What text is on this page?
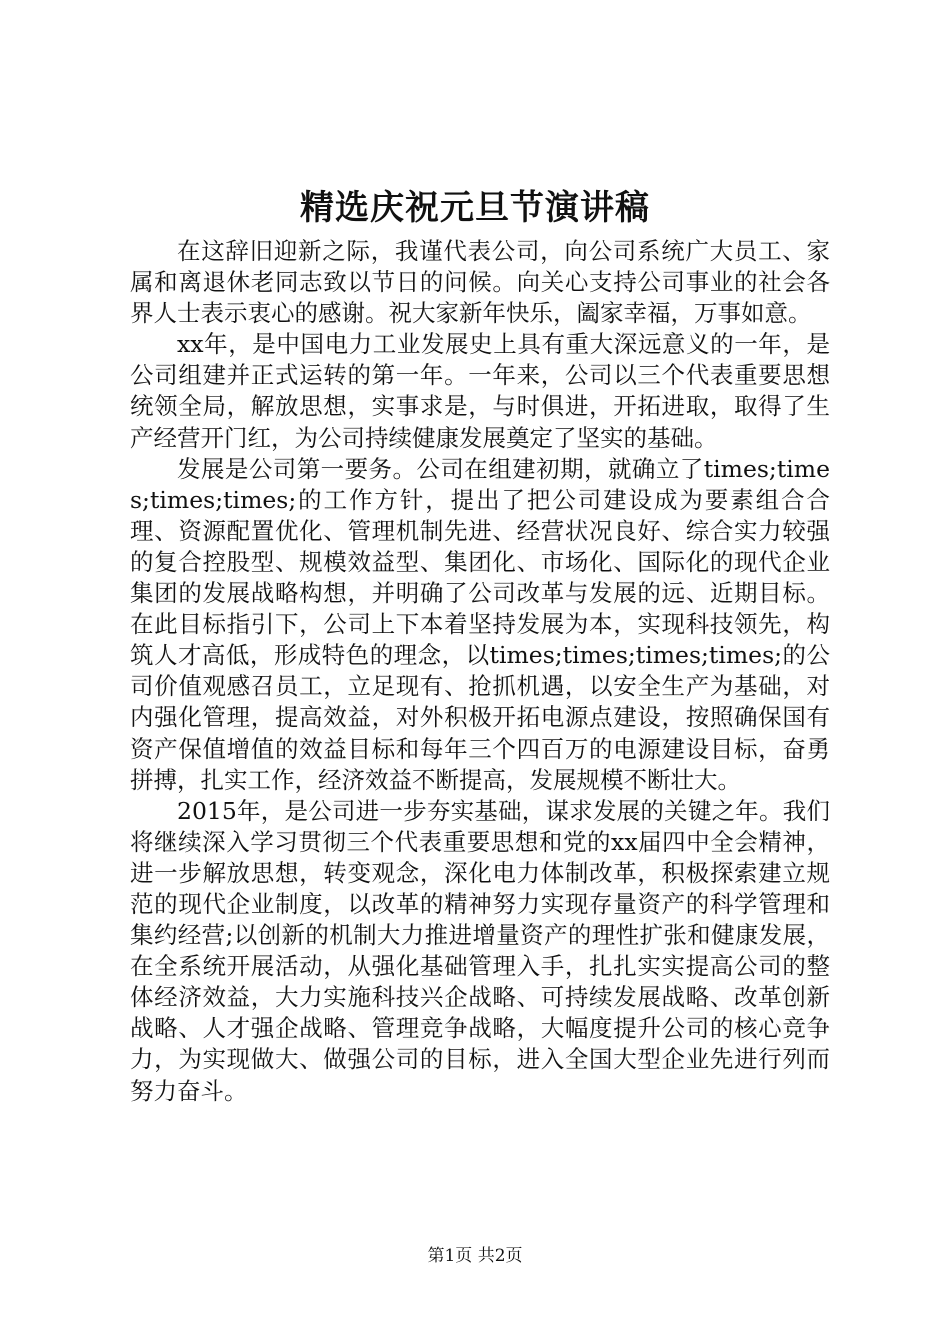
精选庆祝元旦节演讲稿

在这辞旧迎新之际，我谨代表公司，向公司系统广大员工、家属和离退休老同志致以节日的问候。向关心支持公司事业的社会各界人士表示衷心的感谢。祝大家新年快乐，阖家幸福，万事如意。

xx年，是中国电力工业发展史上具有重大深远意义的一年，是公司组建并正式运转的第一年。一年来，公司以三个代表重要思想统领全局，解放思想，实事求是，与时俱进，开拓进取，取得了生产经营开门红，为公司持续健康发展奠定了坚实的基础。

发展是公司第一要务。公司在组建初期，就确立了times;times;times;times;的工作方针，提出了把公司建设成为要素组合合理、资源配置优化、管理机制先进、经营状况良好、综合实力较强的复合控股型、规模效益型、集团化、市场化、国际化的现代企业集团的发展战略构想，并明确了公司改革与发展的远、近期目标。在此目标指引下，公司上下本着坚持发展为本，实现科技领先，构筑人才高低，形成特色的理念，以times;times;times;times;的公司价值观感召员工，立足现有、抢抓机遇，以安全生产为基础，对内强化管理，提高效益，对外积极开拓电源点建设，按照确保国有资产保值增值的效益目标和每年三个四百万的电源建设目标，奋勇拼搏，扎实工作，经济效益不断提高，发展规模不断壮大。

2015年，是公司进一步夯实基础，谋求发展的关键之年。我们将继续深入学习贯彻三个代表重要思想和党的xx届四中全会精神，进一步解放思想，转变观念，深化电力体制改革，积极探索建立规范的现代企业制度，以改革的精神努力实现存量资产的科学管理和集约经营;以创新的机制大力推进增量资产的理性扩张和健康发展，在全系统开展活动，从强化基础管理入手，扎扎实实提高公司的整体经济效益，大力实施科技兴企战略、可持续发展战略、改革创新战略、人才强企战略、管理竞争战略，大幅度提升公司的核心竞争力，为实现做大、做强公司的目标，进入全国大型企业先进行列而努力奋斗。

第1页 共2页
